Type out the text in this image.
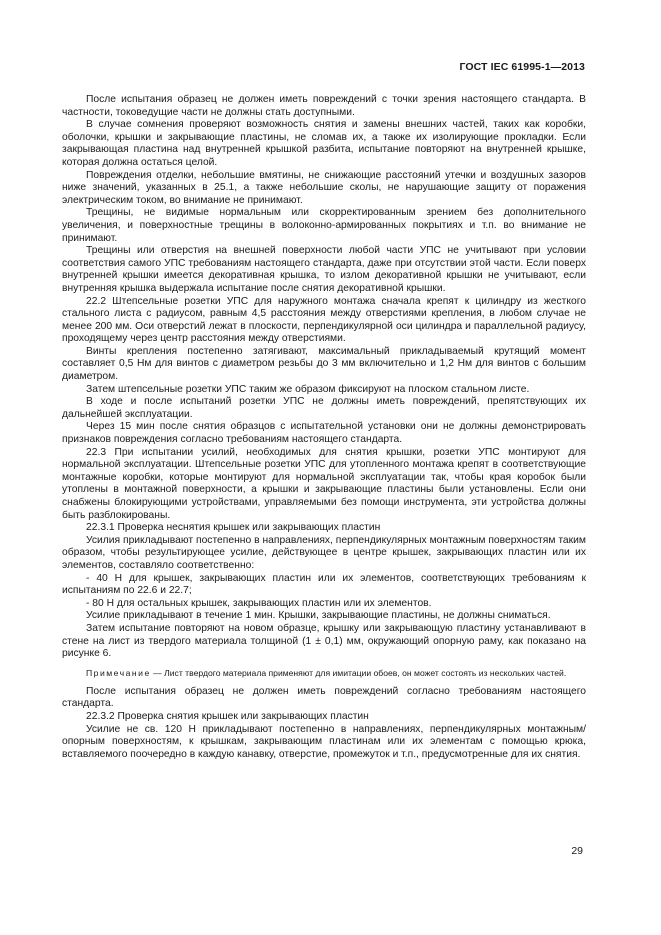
ГОСТ IEC 61995-1—2013

После испытания образец не должен иметь повреждений с точки зрения настоящего стандарта. В частности, токоведущие части не должны стать доступными.

В случае сомнения проверяют возможность снятия и замены внешних частей, таких как коробки, оболочки, крышки и закрывающие пластины, не сломав их, а также их изолирующие прокладки. Если закрывающая пластина над внутренней крышкой разбита, испытание повторяют на внутренней крышке, которая должна остаться целой.

Повреждения отделки, небольшие вмятины, не снижающие расстояний утечки и воздушных зазоров ниже значений, указанных в 25.1, а также небольшие сколы, не нарушающие защиту от поражения электрическим током, во внимание не принимают.

Трещины, не видимые нормальным или скорректированным зрением без дополнительного увеличения, и поверхностные трещины в волоконно-армированных покрытиях и т.п. во внимание не принимают.

Трещины или отверстия на внешней поверхности любой части УПС не учитывают при условии соответствия самого УПС требованиям настоящего стандарта, даже при отсутствии этой части. Если поверх внутренней крышки имеется декоративная крышка, то излом декоративной крышки не учитывают, если внутренняя крышка выдержала испытание после снятия декоративной крышки.

22.2 Штепсельные розетки УПС для наружного монтажа сначала крепят к цилиндру из жесткого стального листа с радиусом, равным 4,5 расстояния между отверстиями крепления, в любом случае не менее 200 мм. Оси отверстий лежат в плоскости, перпендикулярной оси цилиндра и параллельной радиусу, проходящему через центр расстояния между отверстиями.

Винты крепления постепенно затягивают, максимальный прикладываемый крутящий момент составляет 0,5 Нм для винтов с диаметром резьбы до 3 мм включительно и 1,2 Нм для винтов с большим диаметром.

Затем штепсельные розетки УПС таким же образом фиксируют на плоском стальном листе.

В ходе и после испытаний розетки УПС не должны иметь повреждений, препятствующих их дальнейшей эксплуатации.

Через 15 мин после снятия образцов с испытательной установки они не должны демонстрировать признаков повреждения согласно требованиям настоящего стандарта.

22.3 При испытании усилий, необходимых для снятия крышки, розетки УПС монтируют для нормальной эксплуатации. Штепсельные розетки УПС для утопленного монтажа крепят в соответствующие монтажные коробки, которые монтируют для нормальной эксплуатации так, чтобы края коробок были утоплены в монтажной поверхности, а крышки и закрывающие пластины были установлены. Если они снабжены блокирующими устройствами, управляемыми без помощи инструмента, эти устройства должны быть разблокированы.

22.3.1 Проверка неснятия крышек или закрывающих пластин

Усилия прикладывают постепенно в направлениях, перпендикулярных монтажным поверхностям таким образом, чтобы результирующее усилие, действующее в центре крышек, закрывающих пластин или их элементов, составляло соответственно:

- 40 Н для крышек, закрывающих пластин или их элементов, соответствующих требованиям к испытаниям по 22.6 и 22.7;

- 80 Н для остальных крышек, закрывающих пластин или их элементов.

Усилие прикладывают в течение 1 мин. Крышки, закрывающие пластины, не должны сниматься.

Затем испытание повторяют на новом образце, крышку или закрывающую пластину устанавливают в стене на лист из твердого материала толщиной (1 ± 0,1) мм, окружающий опорную раму, как показано на рисунке 6.

Примечание — Лист твердого материала применяют для имитации обоев, он может состоять из нескольких частей.

После испытания образец не должен иметь повреждений согласно требованиям настоящего стандарта.

22.3.2 Проверка снятия крышек или закрывающих пластин

Усилие не св. 120 Н прикладывают постепенно в направлениях, перпендикулярных монтажным/опорным поверхностям, к крышкам, закрывающим пластинам или их элементам с помощью крюка, вставляемого поочередно в каждую канавку, отверстие, промежуток и т.п., предусмотренные для их снятия.

29
